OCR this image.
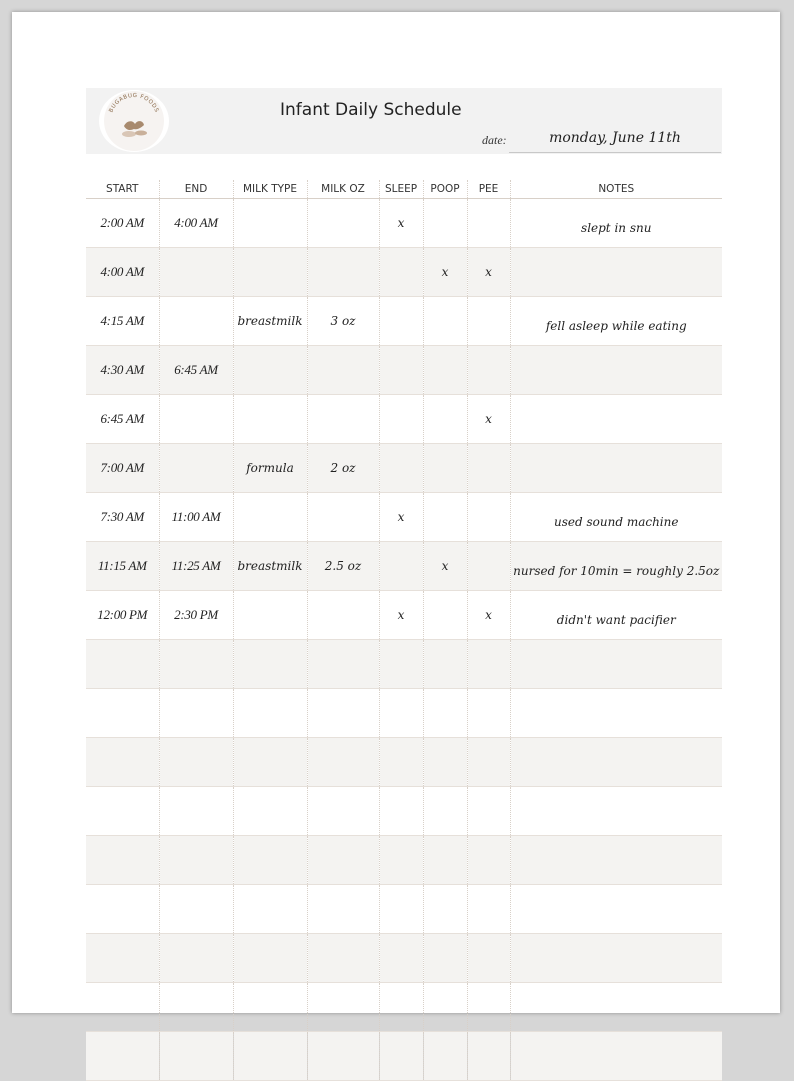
BUGABUG FOODS	Infant Daily Schedule
date:	monday, June 11th
START	END	MILK TYPE	MILK OZ	SLEEP	POOP	PEE	NOTES
2:00 AM	4:00 AM			x			slept in snu
4:00 AM					x	x	
4:15 AM		breastmilk	3 oz				fell asleep while eating
4:30 AM	6:45 AM						
6:45 AM						x	
7:00 AM		formula	2 oz				
7:30 AM	11:00 AM			x			used sound machine
11:15 AM	11:25 AM	breastmilk	2.5 oz		x		nursed for 10min = roughly 2.5oz
12:00 PM	2:30 PM			x		x	didn't want pacifier
